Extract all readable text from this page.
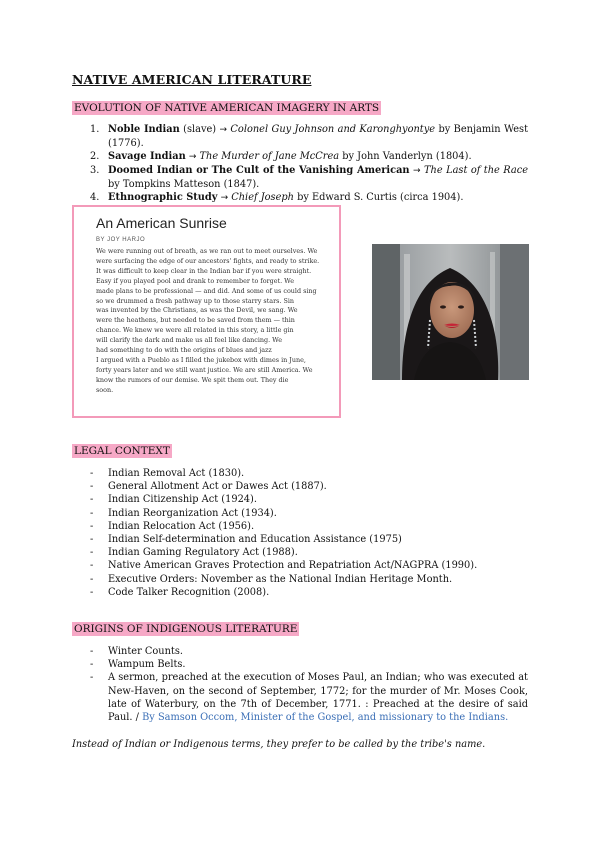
NATIVE AMERICAN LITERATURE
EVOLUTION OF NATIVE AMERICAN IMAGERY IN ARTS
1. Noble Indian (slave) → Colonel Guy Johnson and Karonghyontye by Benjamin West (1776).
2. Savage Indian → The Murder of Jane McCrea by John Vanderlyn (1804).
3. Doomed Indian or The Cult of the Vanishing American → The Last of the Race by Tompkins Matteson (1847).
4. Ethnographic Study → Chief Joseph by Edward S. Curtis (circa 1904).
An American Sunrise
BY JOY HARJO
We were running out of breath, as we ran out to meet ourselves. We
were surfacing the edge of our ancestors' fights, and ready to strike.
It was difficult to keep clear in the Indian bar if you were straight.
Easy if you played pool and drank to remember to forget. We
made plans to be professional — and did. And some of us could sing
so we drummed a fresh pathway up to those starry stars. Sin
was invented by the Christians, as was the Devil, we sang. We
were the heathens, but needed to be saved from them — thin
chance. We knew we were all related in this story, a little gin
will clarify the dark and make us all feel like dancing. We
had something to do with the origins of blues and jazz
I argued with a Pueblo as I filled the jukebox with dimes in June,
forty years later and we still want justice. We are still America. We
know the rumors of our demise. We spit them out. They die
soon.
LEGAL CONTEXT
- Indian Removal Act (1830).
- General Allotment Act or Dawes Act (1887).
- Indian Citizenship Act (1924).
- Indian Reorganization Act (1934).
- Indian Relocation Act (1956).
- Indian Self-determination and Education Assistance (1975)
- Indian Gaming Regulatory Act (1988).
- Native American Graves Protection and Repatriation Act/NAGPRA (1990).
- Executive Orders: November as the National Indian Heritage Month.
- Code Talker Recognition (2008).
ORIGINS OF INDIGENOUS LITERATURE
- Winter Counts.
- Wampum Belts.
- A sermon, preached at the execution of Moses Paul, an Indian; who was executed at New-Haven, on the second of September, 1772; for the murder of Mr. Moses Cook, late of Waterbury, on the 7th of December, 1771. : Preached at the desire of said Paul. / By Samson Occom, Minister of the Gospel, and missionary to the Indians.
Instead of Indian or Indigenous terms, they prefer to be called by the tribe's name.
